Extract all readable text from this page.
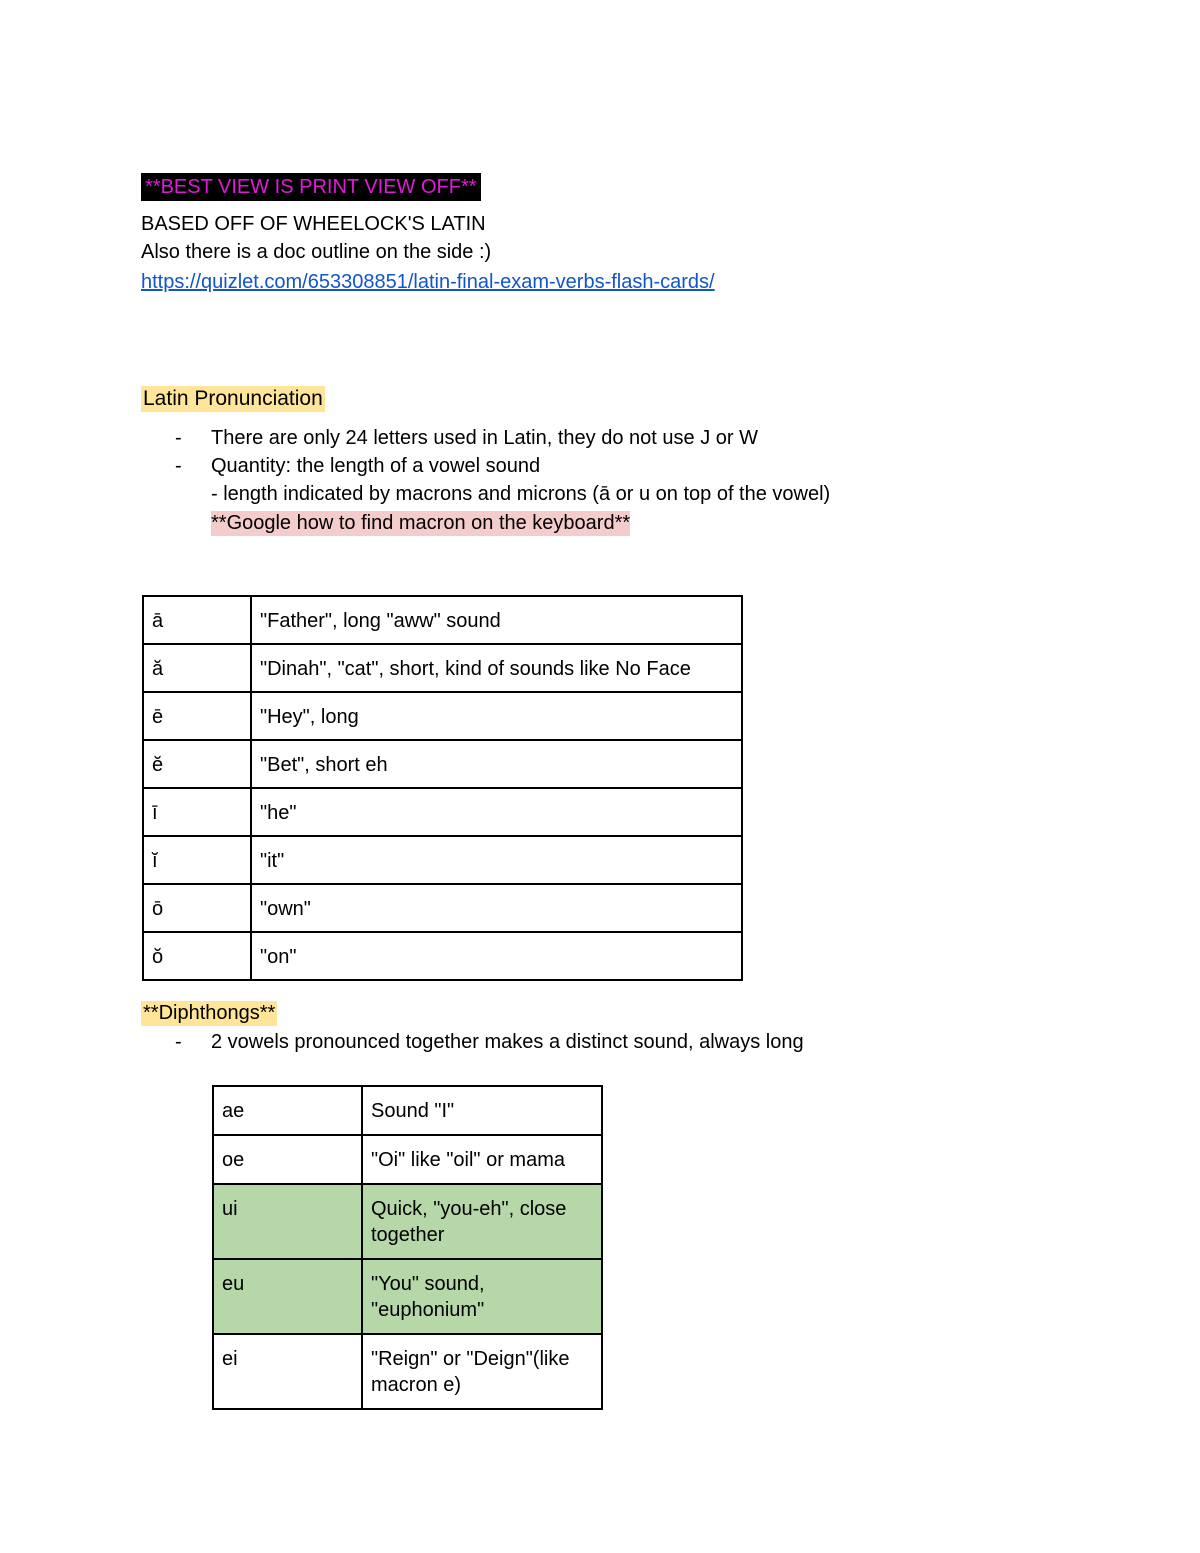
**BEST VIEW IS PRINT VIEW OFF**
BASED OFF OF WHEELOCK'S LATIN
Also there is a doc outline on the side :)
https://quizlet.com/653308851/latin-final-exam-verbs-flash-cards/
Latin Pronunciation
- There are only 24 letters used in Latin, they do not use J or W
- Quantity: the length of a vowel sound
- length indicated by macrons and microns (ā or u on top of the vowel)
**Google how to find macron on the keyboard**
ā	"Father", long "aww" sound
ă	"Dinah", "cat", short, kind of sounds like No Face
ē	"Hey", long
ĕ	"Bet", short eh
ī	"he"
ĭ	"it"
ō	"own"
ŏ	"on"
**Diphthongs**
- 2 vowels pronounced together makes a distinct sound, always long
ae	Sound "I"
oe	"Oi" like "oil" or mama
ui	Quick, "you-eh", close together
eu	"You" sound, "euphonium"
ei	"Reign" or "Deign"(like macron e)
